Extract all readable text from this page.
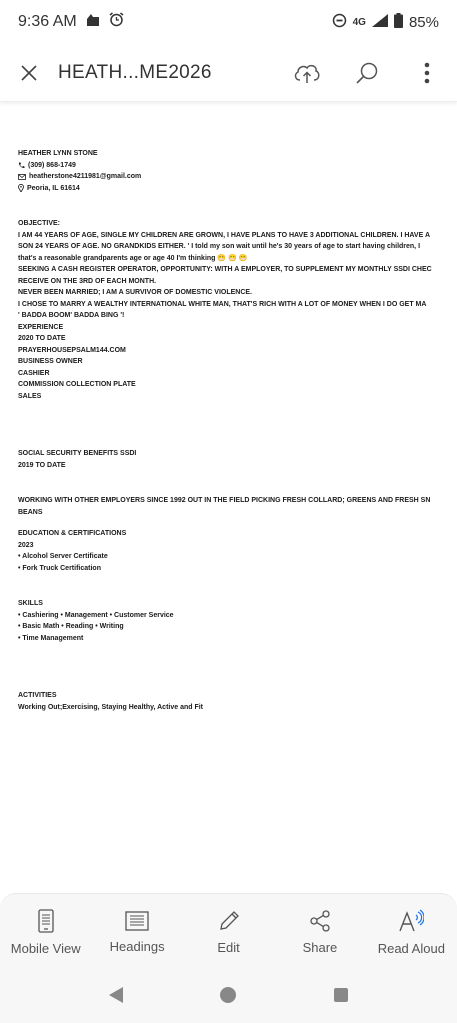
9:36 AM	4G	85%
HEATH...ME2026
HEATHER LYNN STONE
(309) 868-1749
heatherstone4211981@gmail.com
Peoria, IL 61614
OBJECTIVE:
I AM 44 YEARS OF AGE, SINGLE MY CHILDREN ARE GROWN, I HAVE PLANS TO HAVE 3 ADDITIONAL CHILDREN. I HAVE A
SON 24 YEARS OF AGE. NO GRANDKIDS EITHER. ' I told my son wait until he's 30 years of age to start having children, I
that's a reasonable grandparents age or age 40 I'm thinking 😁 😁 😁
SEEKING A CASH REGISTER OPERATOR, OPPORTUNITY: WITH A EMPLOYER, TO SUPPLEMENT MY MONTHLY SSDI CHEC
RECEIVE ON THE 3RD OF EACH MONTH.
NEVER BEEN MARRIED; I AM A SURVIVOR OF DOMESTIC VIOLENCE.
I CHOSE TO MARRY A WEALTHY INTERNATIONAL WHITE MAN, THAT'S RICH WITH A LOT OF MONEY WHEN I DO GET MA
' BADDA BOOM' BADDA BING '!
EXPERIENCE
2020 TO DATE
PRAYERHOUSEPSALM144.COM
BUSINESS OWNER
CASHIER
COMMISSION COLLECTION PLATE
SALES
SOCIAL SECURITY BENEFITS SSDI
2019 TO DATE
WORKING WITH OTHER EMPLOYERS SINCE 1992 OUT IN THE FIELD PICKING FRESH COLLARD; GREENS AND FRESH SN
BEANS
EDUCATION & CERTIFICATIONS
2023
• Alcohol Server Certificate
• Fork Truck Certification
SKILLS
• Cashiering • Management • Customer Service
• Basic Math • Reading • Writing
• Time Management
ACTIVITIES
Working Out;Exercising, Staying Healthy, Active and Fit
Mobile View Headings	Edit	Share	Read Aloud
